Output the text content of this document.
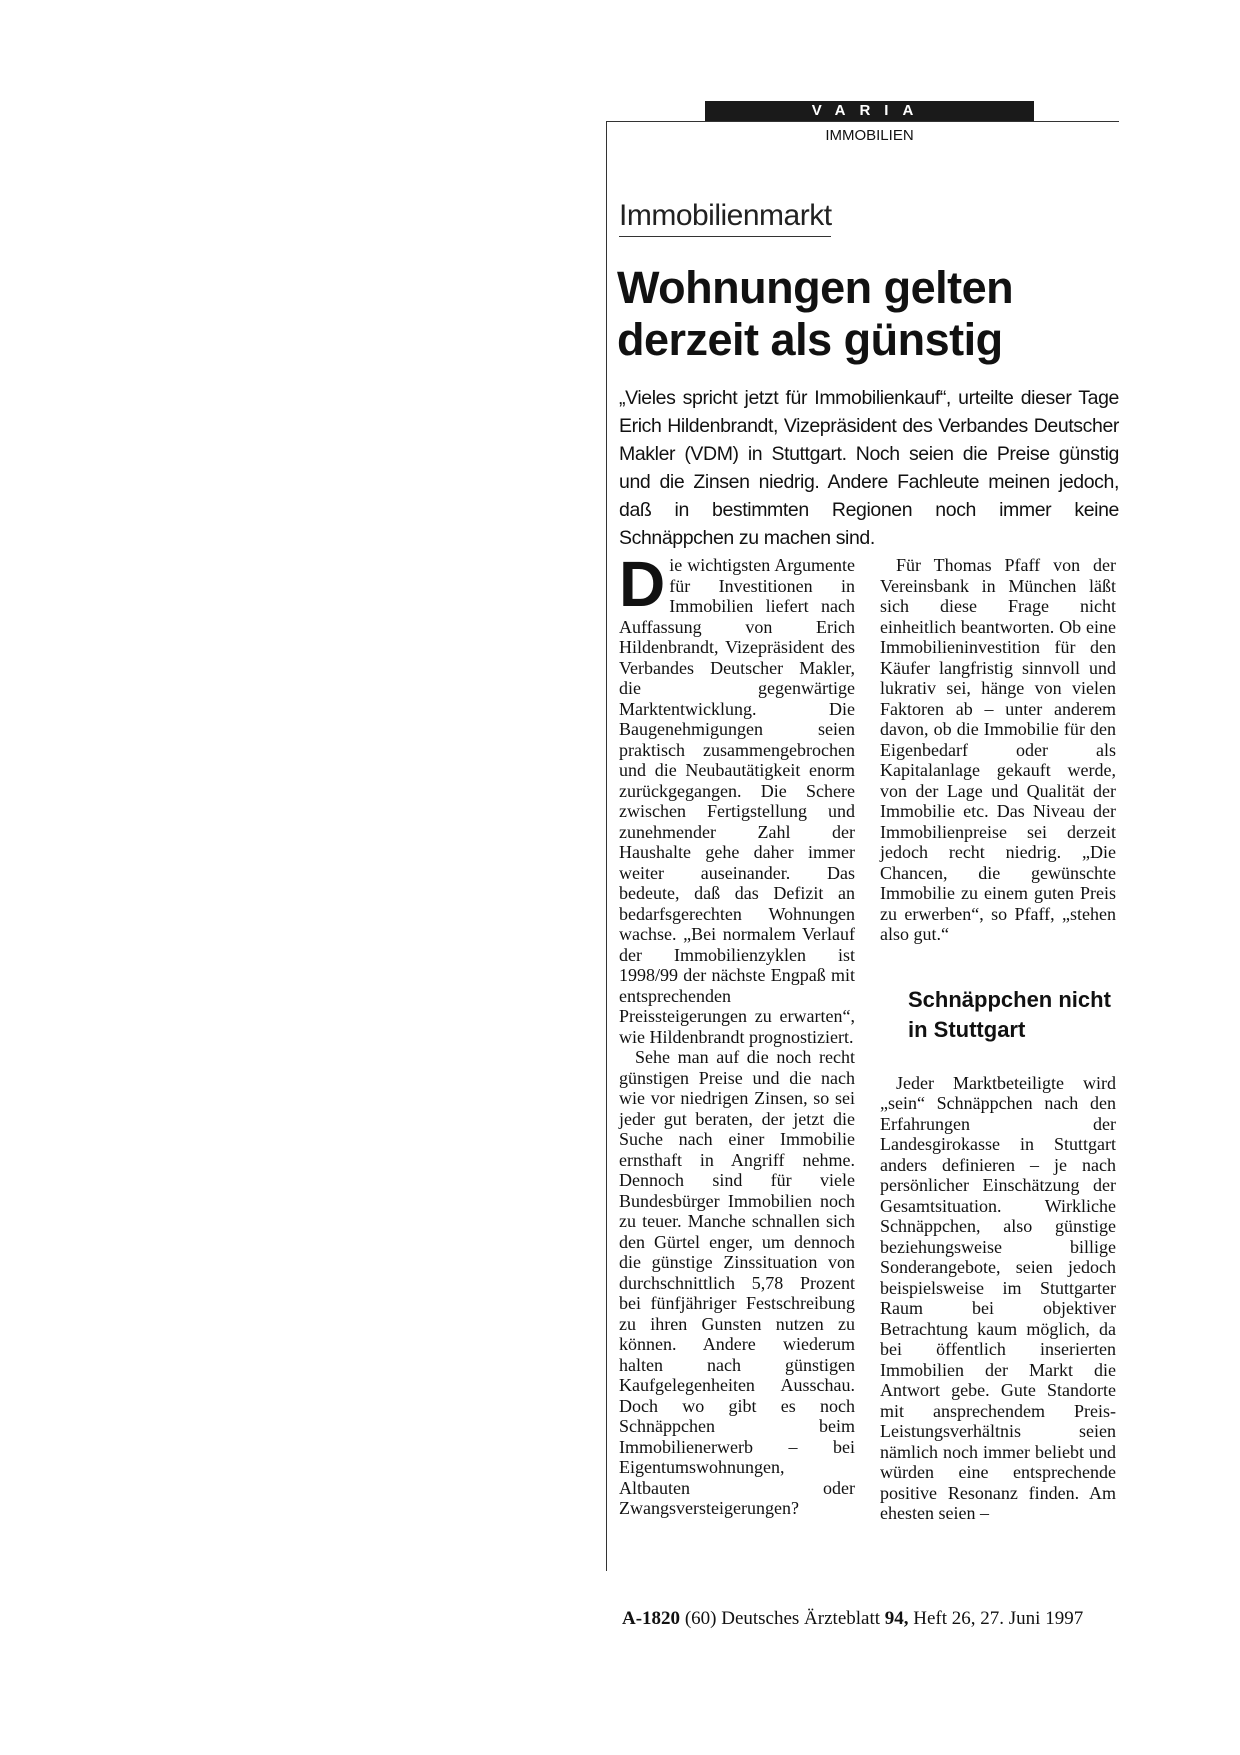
VARIA
IMMOBILIEN
Immobilienmarkt
Wohnungen gelten derzeit als günstig

„Vieles spricht jetzt für Immobilienkauf“, urteilte dieser Tage Erich Hildenbrandt, Vizepräsident des Verbandes Deutscher Makler (VDM) in Stuttgart. Noch seien die Preise günstig und die Zinsen niedrig. Andere Fachleute meinen jedoch, daß in bestimmten Regionen noch immer keine Schnäppchen zu machen sind.

Die wichtigsten Argumente für Investitionen in Immobilien liefert nach Auffassung von Erich Hildenbrandt, Vizepräsident des Verbandes Deutscher Makler, die gegenwärtige Marktentwicklung. Die Baugenehmigungen seien praktisch zusammengebrochen und die Neubautätigkeit enorm zurückgegangen. Die Schere zwischen Fertigstellung und zunehmender Zahl der Haushalte gehe daher immer weiter auseinander. Das bedeute, daß das Defizit an bedarfsgerechten Wohnungen wachse. „Bei normalem Verlauf der Immobilienzyklen ist 1998/99 der nächste Engpaß mit entsprechenden Preissteigerungen zu erwarten“, wie Hildenbrandt prognostiziert.

Sehe man auf die noch recht günstigen Preise und die nach wie vor niedrigen Zinsen, so sei jeder gut beraten, der jetzt die Suche nach einer Immobilie ernsthaft in Angriff nehme. Dennoch sind für viele Bundesbürger Immobilien noch zu teuer. Manche schnallen sich den Gürtel enger, um dennoch die günstige Zinssituation von durchschnittlich 5,78 Prozent bei fünfjähriger Festschreibung zu ihren Gunsten nutzen zu können. Andere wiederum halten nach günstigen Kaufgelegenheiten Ausschau. Doch wo gibt es noch Schnäppchen beim Immobilienerwerb – bei Eigentumswohnungen, Altbauten oder Zwangsversteigerungen?

Für Thomas Pfaff von der Vereinsbank in München läßt sich diese Frage nicht einheitlich beantworten. Ob eine Immobilieninvestition für den Käufer langfristig sinnvoll und lukrativ sei, hänge von vielen Faktoren ab – unter anderem davon, ob die Immobilie für den Eigenbedarf oder als Kapitalanlage gekauft werde, von der Lage und Qualität der Immobilie etc. Das Niveau der Immobilienpreise sei derzeit jedoch recht niedrig. „Die Chancen, die gewünschte Immobilie zu einem guten Preis zu erwerben“, so Pfaff, „stehen also gut.“

Schnäppchen nicht in Stuttgart

Jeder Marktbeteiligte wird „sein“ Schnäppchen nach den Erfahrungen der Landesgirokasse in Stuttgart anders definieren – je nach persönlicher Einschätzung der Gesamtsituation. Wirkliche Schnäppchen, also günstige beziehungsweise billige Sonderangebote, seien jedoch beispielsweise im Stuttgarter Raum bei objektiver Betrachtung kaum möglich, da bei öffentlich inserierten Immobilien der Markt die Antwort gebe. Gute Standorte mit ansprechendem Preis-Leistungsverhältnis seien nämlich noch immer beliebt und würden eine entsprechende positive Resonanz finden. Am ehesten seien –

A-1820 (60) Deutsches Ärzteblatt 94, Heft 26, 27. Juni 1997
